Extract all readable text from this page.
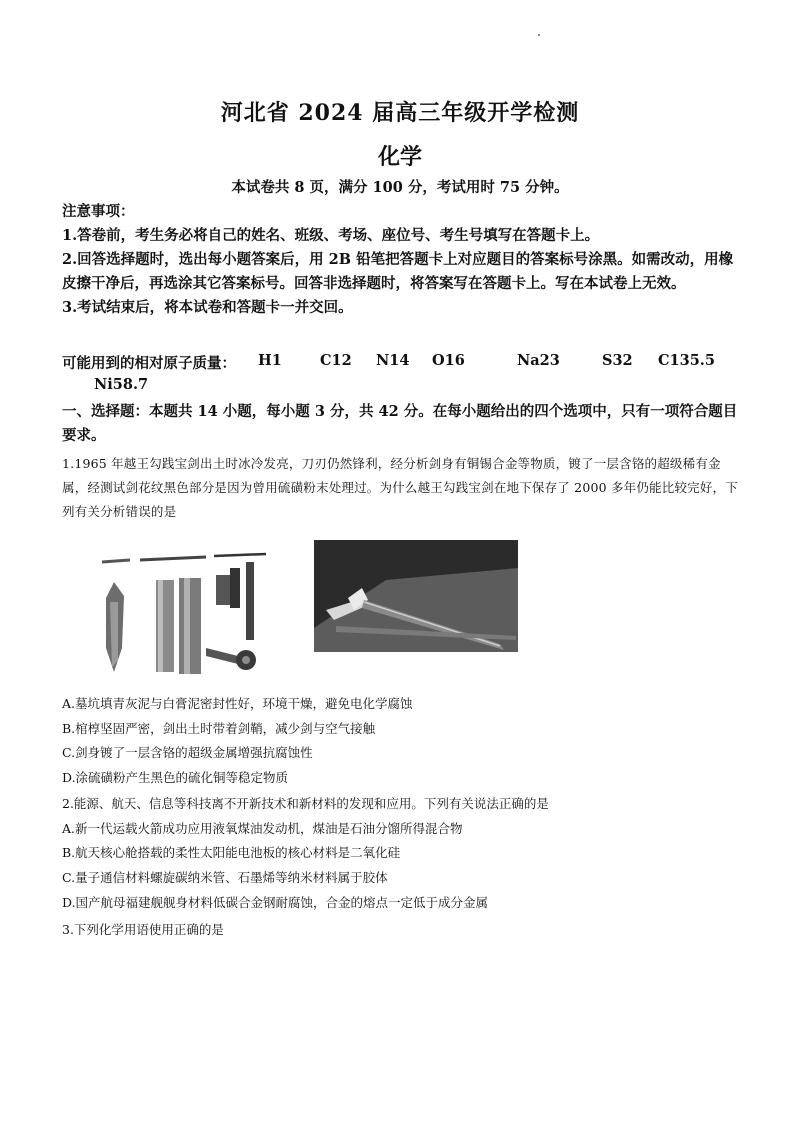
河北省 2024 届高三年级开学检测
化学
本试卷共 8 页，满分 100 分，考试用时 75 分钟。

注意事项：

1.答卷前，考生务必将自己的姓名、班级、考场、座位号、考生号填写在答题卡上。

2.回答选择题时，选出每小题答案后，用 2B 铅笔把答题卡上对应题目的答案标号涂黑。如需改动，用橡皮擦干净后，再选涂其它答案标号。回答非选择题时，将答案写在答题卡上。写在本试卷上无效。

3.考试结束后，将本试卷和答题卡一并交回。

可能用到的相对原子质量： H1	C12 N14 O16	Na23	S32 C135.5
Ni58.7
一、选择题：本题共 14 小题，每小题 3 分，共 42 分。在每小题给出的四个选项中，只有一项符合题目要求。
1.1965 年越王勾践宝剑出土时冰冷发亮，刀刃仍然锋利，经分析剑身有铜锡合金等物质，镀了一层含铬的超级稀有金属，经测试剑花纹黑色部分是因为曾用硫磺粉末处理过。为什么越王勾践宝剑在地下保存了 2000 多年仍能比较完好，下列有关分析错误的是
A.墓坑填青灰泥与白膏泥密封性好，环境干燥，避免电化学腐蚀
B.棺椁坚固严密，剑出土时带着剑鞘，减少剑与空气接触
C.剑身镀了一层含铬的超级金属增强抗腐蚀性
D.涂硫磺粉产生黑色的硫化铜等稳定物质
2.能源、航天、信息等科技离不开新技术和新材料的发现和应用。下列有关说法正确的是
A.新一代运载火箭成功应用液氧煤油发动机，煤油是石油分馏所得混合物
B.航天核心舱搭载的柔性太阳能电池板的核心材料是二氧化硅
C.量子通信材料螺旋碳纳米管、石墨烯等纳米材料属于胶体
D.国产航母福建舰舰身材料低碳合金钢耐腐蚀，合金的熔点一定低于成分金属
3.下列化学用语使用正确的是
